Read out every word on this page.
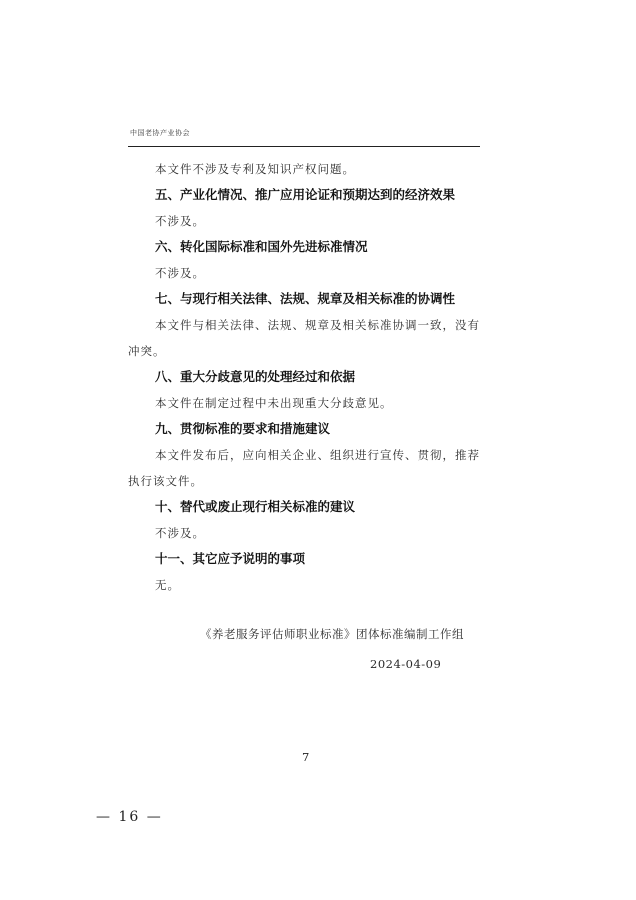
中国老协产业协会

本文件不涉及专利及知识产权问题。

五、产业化情况、推广应用论证和预期达到的经济效果

不涉及。

六、转化国际标准和国外先进标准情况

不涉及。

七、与现行相关法律、法规、规章及相关标准的协调性

本文件与相关法律、法规、规章及相关标准协调一致，没有冲突。

八、重大分歧意见的处理经过和依据

本文件在制定过程中未出现重大分歧意见。

九、贯彻标准的要求和措施建议

本文件发布后，应向相关企业、组织进行宣传、贯彻，推荐执行该文件。

十、替代或废止现行相关标准的建议

不涉及。

十一、其它应予说明的事项

无。

《养老服务评估师职业标准》团体标准编制工作组
2024-04-09
7
— 16 —
